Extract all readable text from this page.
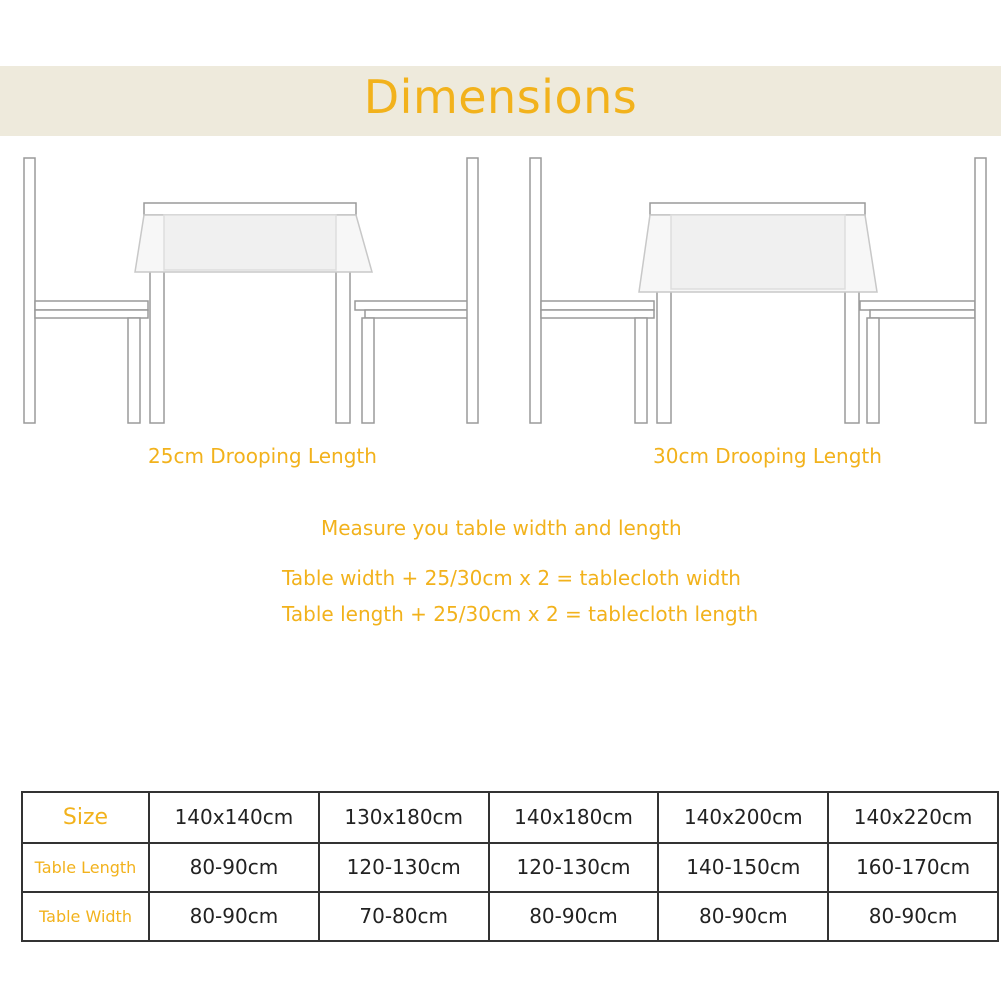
Dimensions
25cm Drooping Length	30cm Drooping Length
Measure you table width and length
Table width + 25/30cm x 2 = tablecloth width
Table length + 25/30cm x 2 = tablecloth length
Size	140x140cm	130x180cm	140x180cm	140x200cm	140x220cm
Table Length	80-90cm	120-130cm	120-130cm	140-150cm	160-170cm
Table Width	80-90cm	70-80cm	80-90cm	80-90cm	80-90cm
